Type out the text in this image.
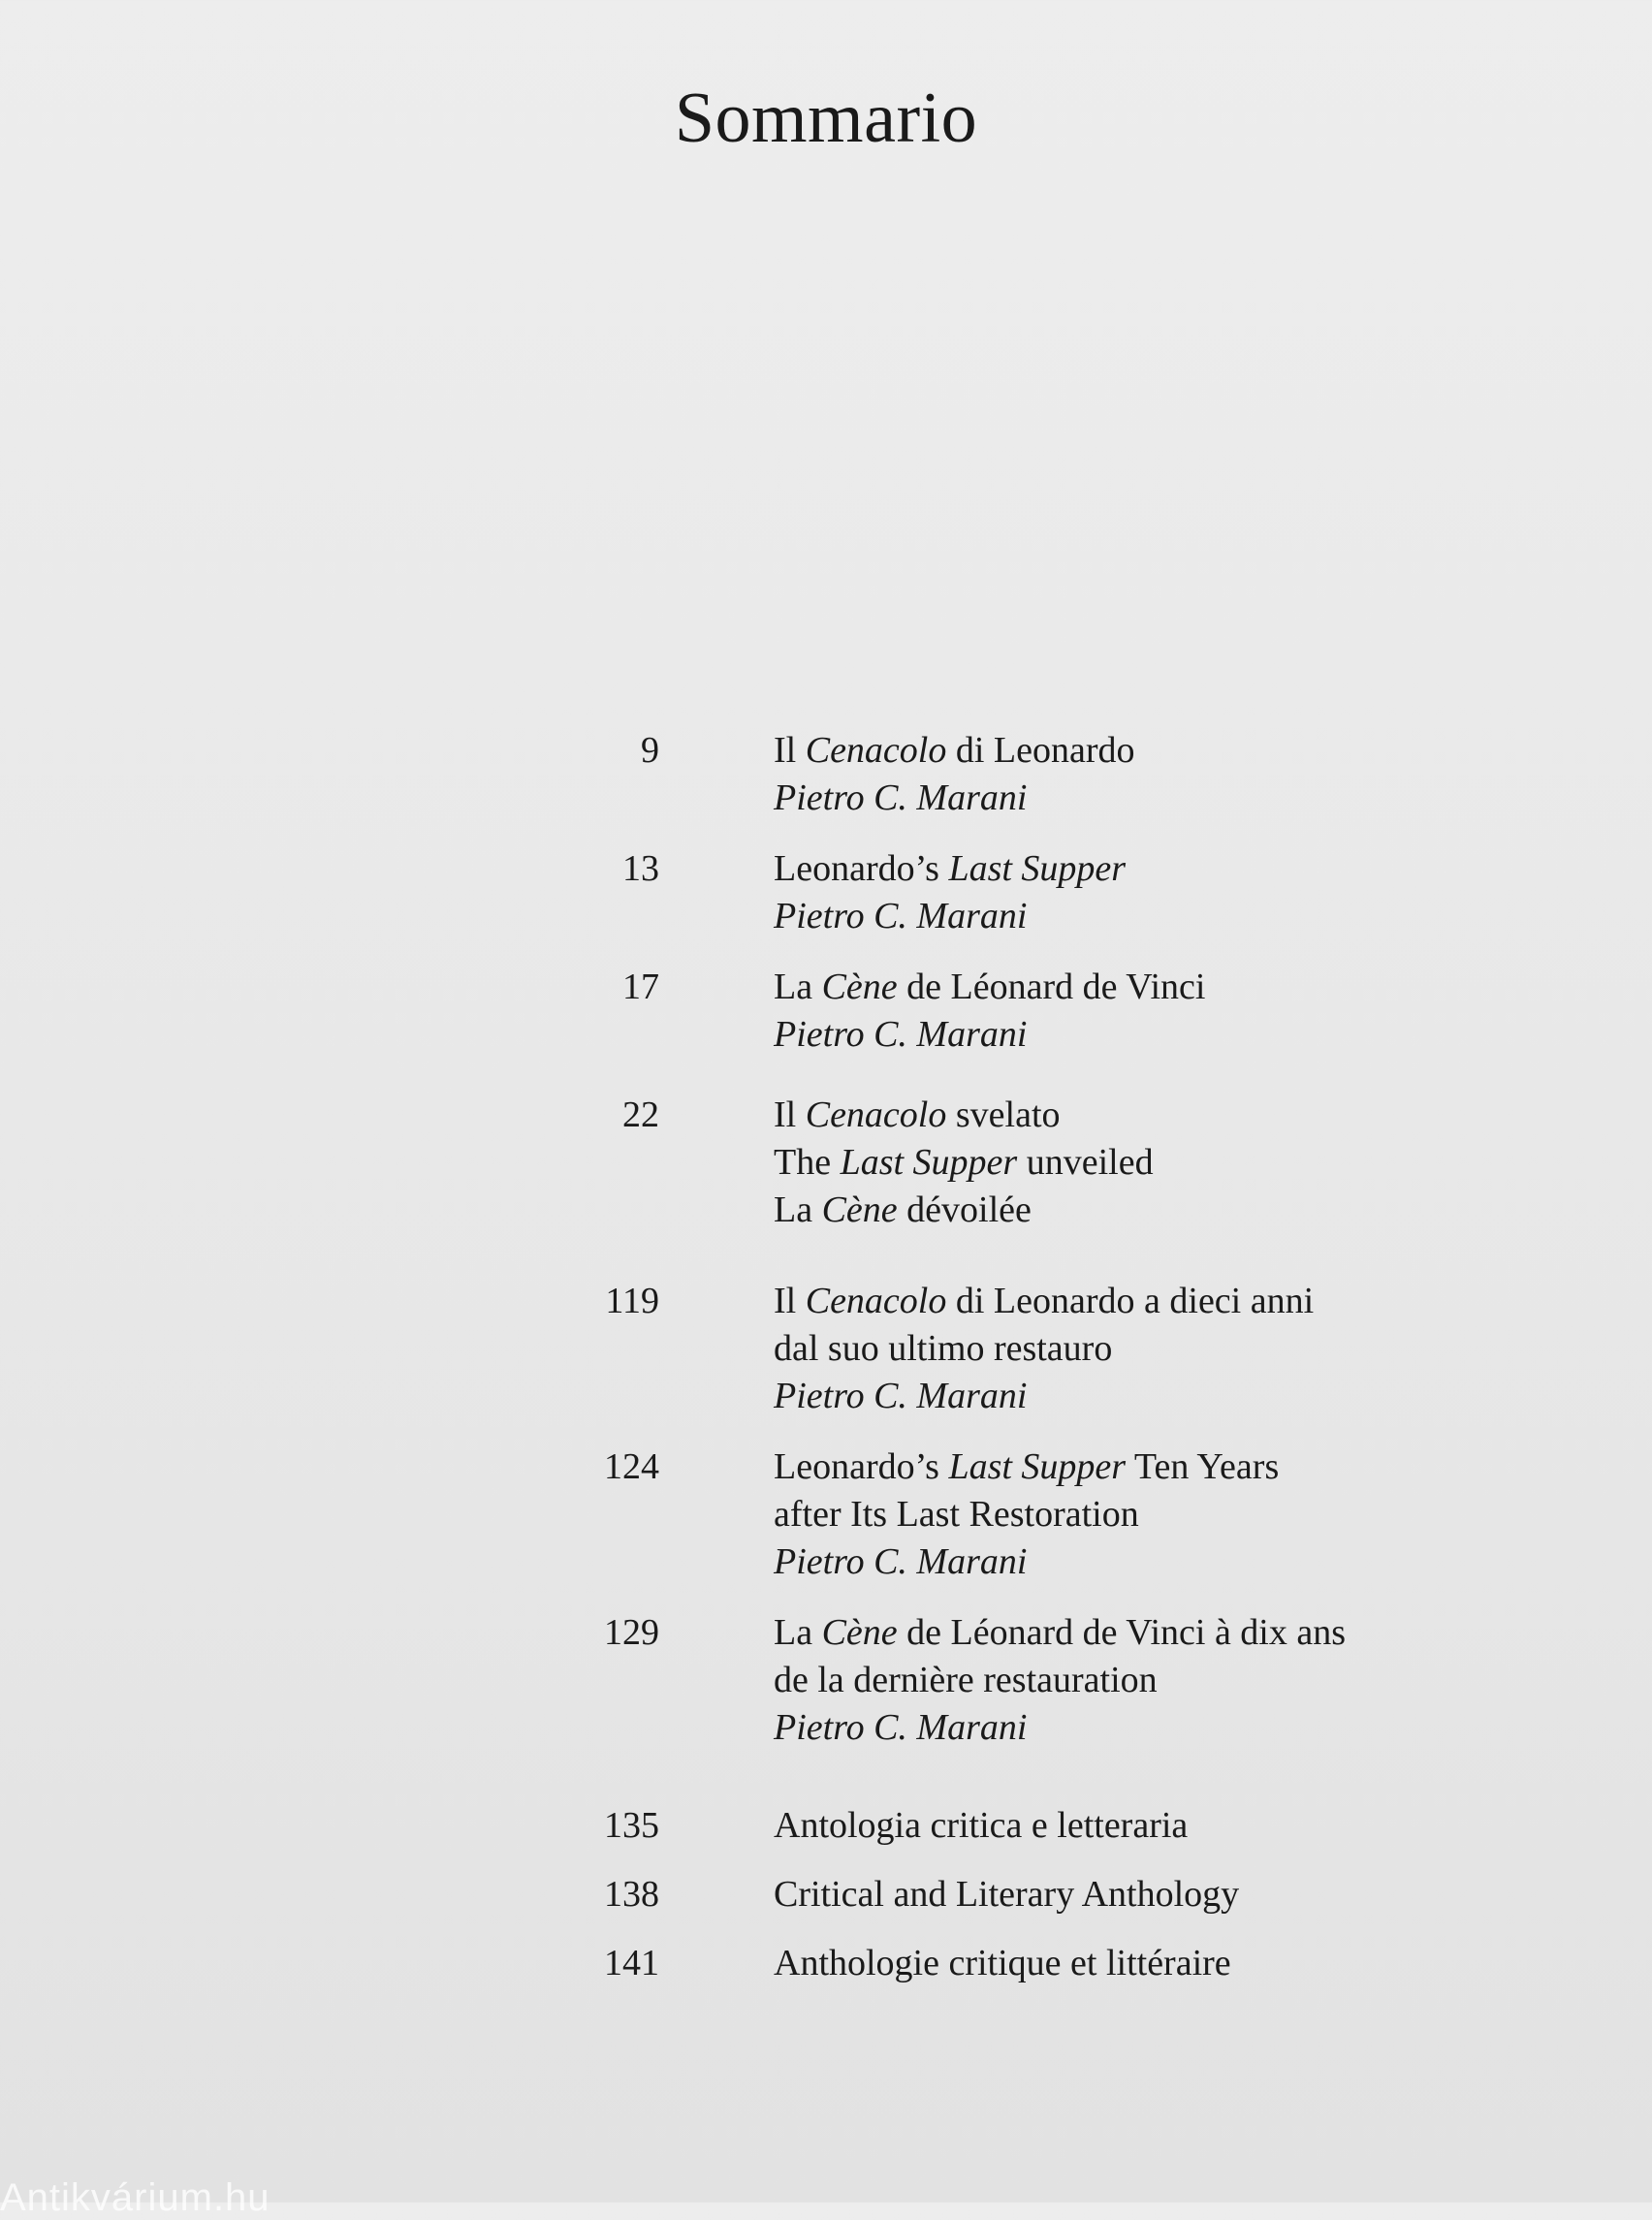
Sommario
9	Il Cenacolo di Leonardo
Pietro C. Marani
13	Leonardo’s Last Supper
Pietro C. Marani
17	La Cène de Léonard de Vinci
Pietro C. Marani
22	Il Cenacolo svelato
The Last Supper unveiled
La Cène dévoilée
119	Il Cenacolo di Leonardo a dieci anni
dal suo ultimo restauro
Pietro C. Marani
124	Leonardo’s Last Supper Ten Years
after Its Last Restoration
Pietro C. Marani
129	La Cène de Léonard de Vinci à dix ans
de la dernière restauration
Pietro C. Marani
135	Antologia critica e letteraria
138	Critical and Literary Anthology
141	Anthologie critique et littéraire
Antikvárium.hu
